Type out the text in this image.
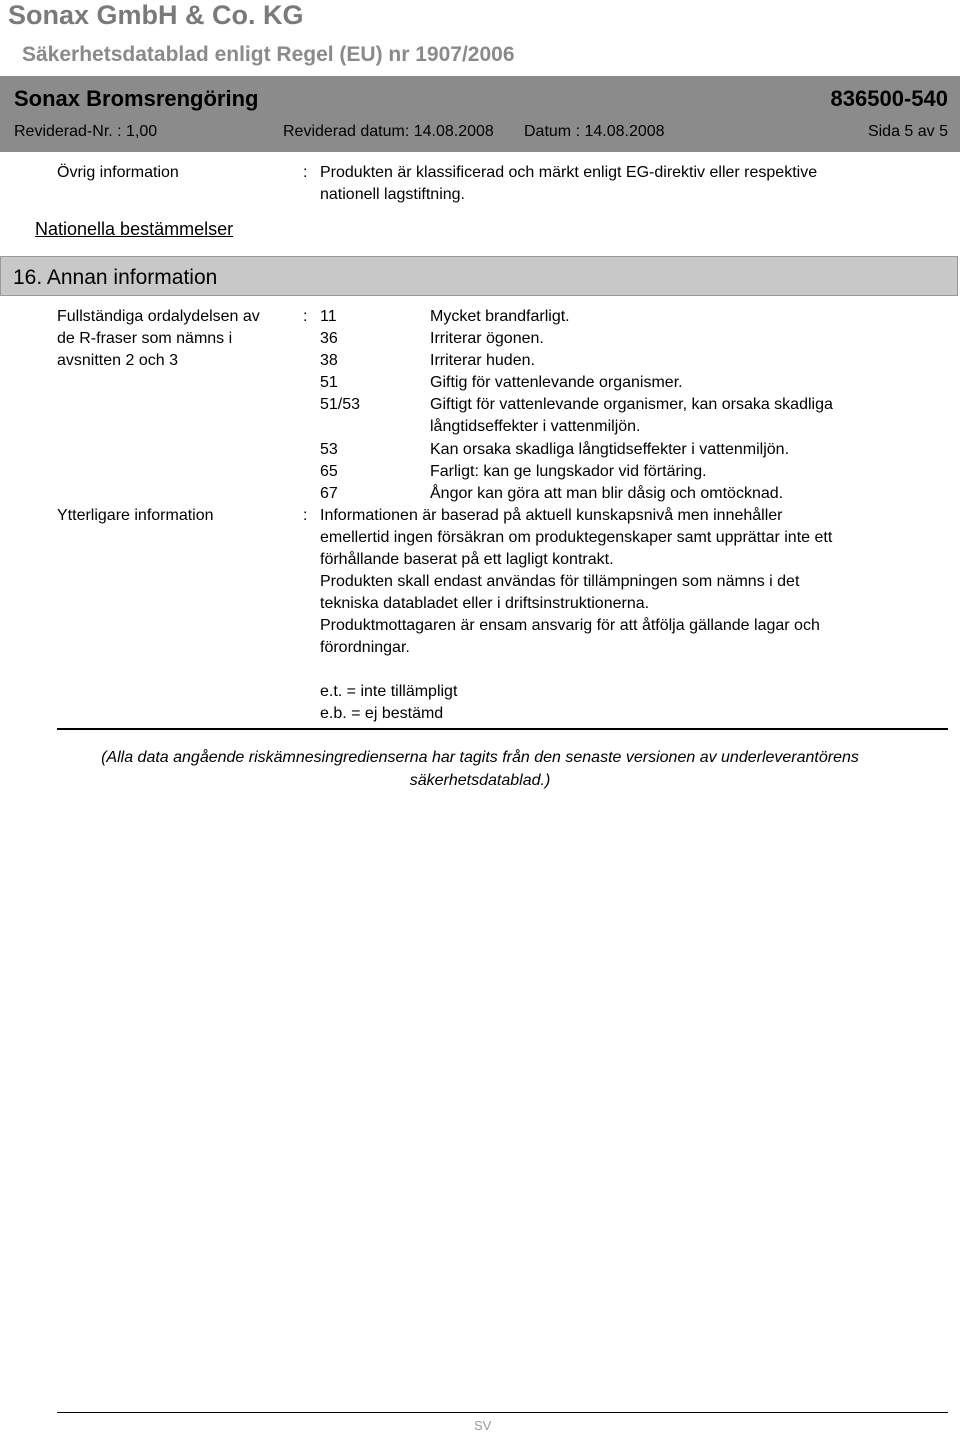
Sonax GmbH & Co. KG
Säkerhetsdatablad enligt Regel (EU) nr 1907/2006
Sonax Bromsrengöring	836500-540
Reviderad-Nr. : 1,00	Reviderad datum: 14.08.2008 Datum : 14.08.2008	Sida 5 av 5
Övrig information	: Produkten är klassificerad och märkt enligt EG-direktiv eller respektive
nationell lagstiftning.
Nationella bestämmelser
16. Annan information
Fullständiga ordalydelsen av
de R-fraser som nämns i
avsnitten 2 och 3
: 11	Mycket brandfarligt.
36	Irriterar ögonen.
38	Irriterar huden.
51	Giftig för vattenlevande organismer.
51/53	Giftigt för vattenlevande organismer, kan orsaka skadliga
långtidseffekter i vattenmiljön.
53	Kan orsaka skadliga långtidseffekter i vattenmiljön.
65	Farligt: kan ge lungskador vid förtäring.
67	Ångor kan göra att man blir dåsig och omtöcknad.
Ytterligare information	: Informationen är baserad på aktuell kunskapsnivå men innehåller
emellertid ingen försäkran om produktegenskaper samt upprättar inte ett
förhållande baserat på ett lagligt kontrakt.
Produkten skall endast användas för tillämpningen som nämns i det
tekniska databladet eller i driftsinstruktionerna.
Produktmottagaren är ensam ansvarig för att åtfölja gällande lagar och
förordningar.
e.t. = inte tillämpligt
e.b. = ej bestämd
(Alla data angående riskämnesingredienserna har tagits från den senaste versionen av underleverantörens
säkerhetsdatablad.)
SV
